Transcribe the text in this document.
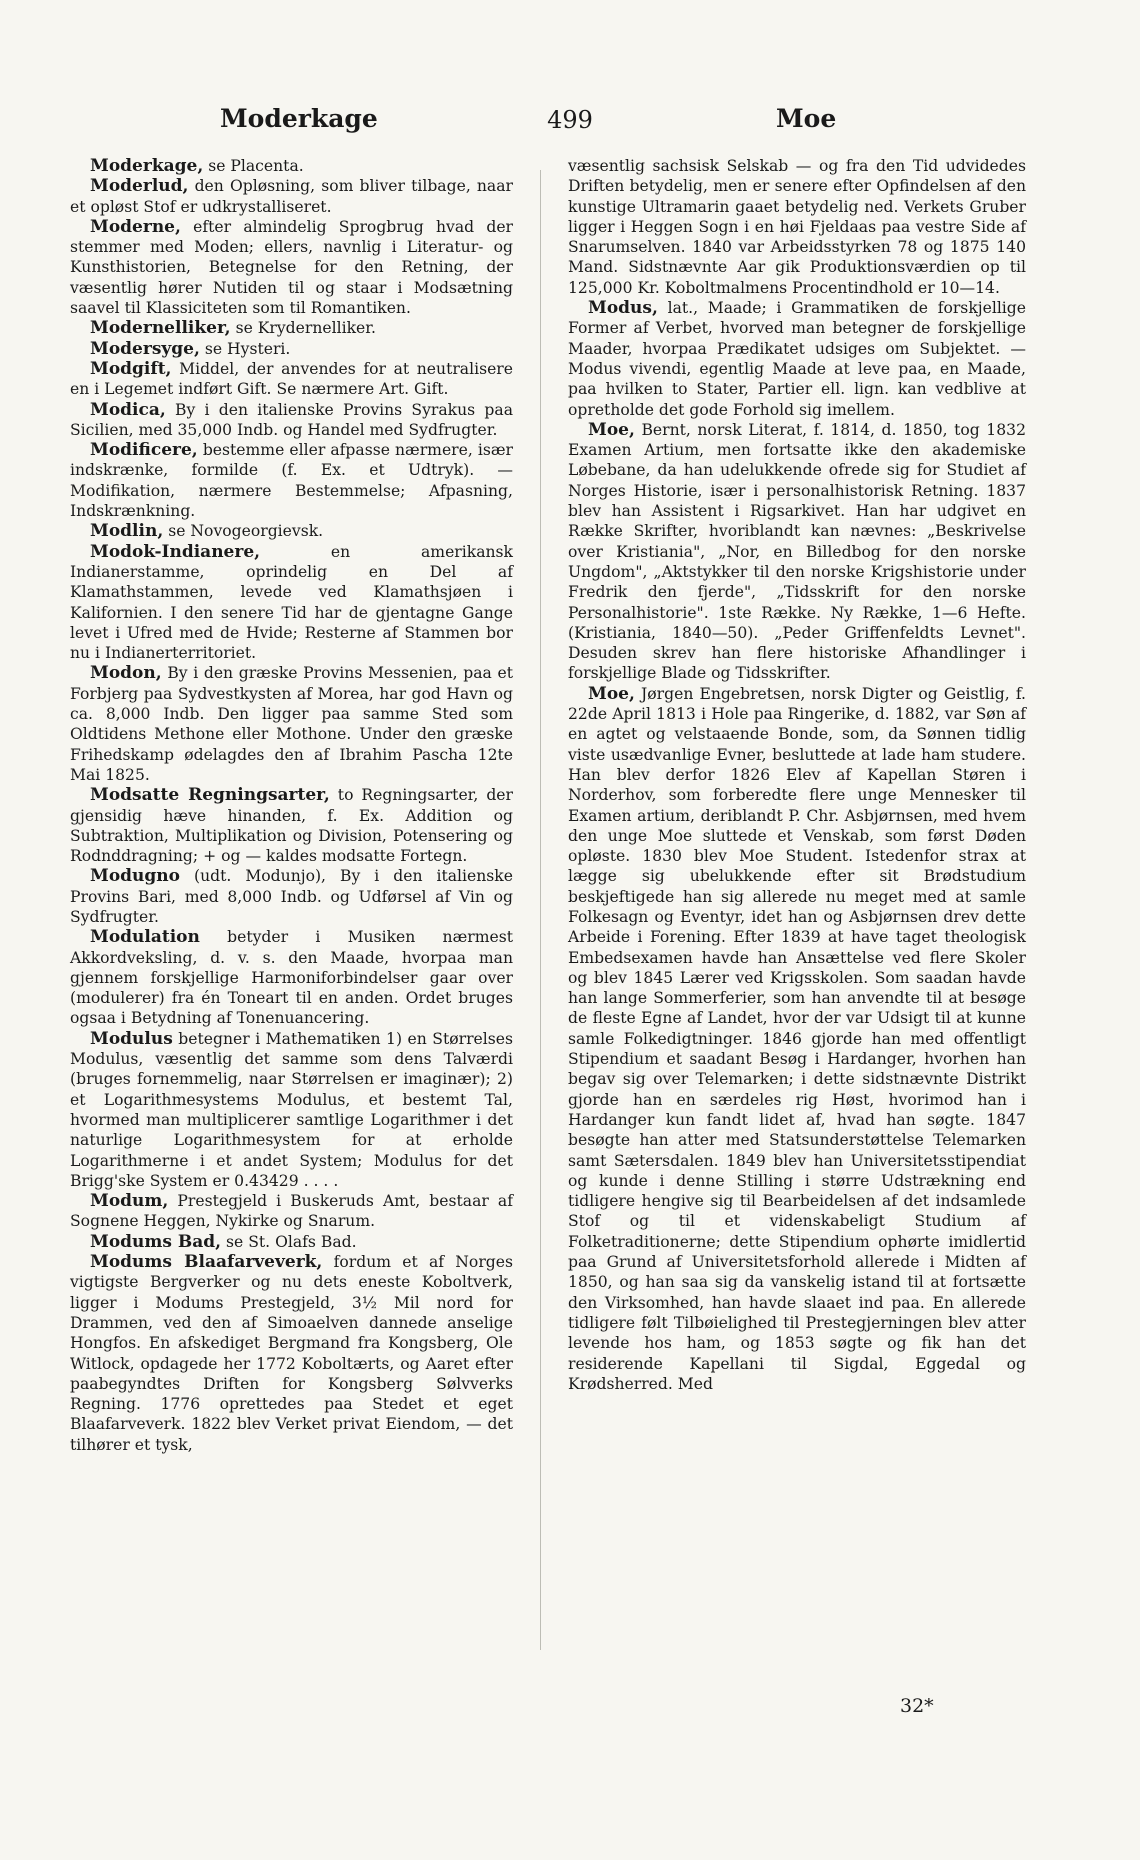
Moderkage	499	Moe

Moderkage, se Placenta.

Moderlud, den Opløsning, som bliver tilbage, naar et opløst Stof er udkrystalliseret.

Moderne, efter almindelig Sprogbrug hvad der stemmer med Moden; ellers, navnlig i Literatur- og Kunsthistorien, Betegnelse for den Retning, der væsentlig hører Nutiden til og staar i Modsætning saavel til Klassiciteten som til Romantiken.

Modernelliker, se Krydernelliker.

Modersyge, se Hysteri.

Modgift, Middel, der anvendes for at neutralisere en i Legemet indført Gift. Se nærmere Art. Gift.

Modica, By i den italienske Provins Syrakus paa Sicilien, med 35,000 Indb. og Handel med Sydfrugter.

Modificere, bestemme eller afpasse nærmere, især indskrænke, formilde (f. Ex. et Udtryk). — Modifikation, nærmere Bestemmelse; Afpasning, Indskrænkning.

Modlin, se Novogeorgievsk.

Modok-Indianere,	en amerikansk Indianerstamme, oprindelig en Del af Klamathstammen, levede ved Klamathsjøen i Kalifornien. I den senere Tid har de gjentagne Gange levet i Ufred med de Hvide; Resterne af Stammen bor nu i Indianerterritoriet.

Modon, By i den græske Provins Messenien, paa et Forbjerg paa Sydvestkysten af Morea, har god Havn og ca. 8,000 Indb. Den ligger paa samme Sted som Oldtidens Methone eller Mothone. Under den græske Frihedskamp ødelagdes den af Ibrahim Pascha 12te Mai 1825.

Modsatte Regningsarter, to Regningsarter, der gjensidig hæve hinanden, f. Ex. Addition og Subtraktion, Multiplikation og Division, Potensering og Rodnddragning; + og — kaldes modsatte Fortegn.

Modugno (udt. Modunjo), By i den italienske Provins Bari, med 8,000 Indb. og Udførsel af Vin og Sydfrugter.

Modulation betyder i Musiken nærmest Akkordveksling, d. v. s. den Maade, hvorpaa man gjennem forskjellige Harmoniforbindelser gaar over (modulerer) fra én Toneart til en anden. Ordet bruges ogsaa i Betydning af Tonenuancering.

Modulus betegner i Mathematiken 1) en Størrelses Modulus, væsentlig det samme som dens Talværdi (bruges fornemmelig, naar Størrelsen er imaginær); 2) et Logarithmesystems Modulus, et bestemt Tal, hvormed man multiplicerer samtlige Logarithmer i det naturlige Logarithmesystem for at erholde Logarithmerne i et andet System; Modulus for det Brigg'ske System er 0.43429 . . . .

Modum, Prestegjeld i Buskeruds Amt, bestaar af Sognene Heggen, Nykirke og Snarum.

Modums Bad, se St. Olafs Bad.

Modums Blaafarveverk, fordum et af Norges vigtigste Bergverker og nu dets eneste Koboltverk, ligger i Modums Prestegjeld, 3½ Mil nord for Drammen, ved den af Simoaelven dannede anselige Hongfos. En afskediget Bergmand fra Kongsberg, Ole Witlock, opdagede her 1772 Koboltærts, og Aaret efter paabegyndtes Driften for Kongsberg Sølvverks Regning. 1776 oprettedes paa Stedet et eget Blaafarveverk. 1822 blev Verket privat Eiendom, — det tilhører et tysk,

væsentlig sachsisk Selskab — og fra den Tid udvidedes Driften betydelig, men er senere efter Opfindelsen af den kunstige Ultramarin gaaet betydelig ned. Verkets Gruber ligger i Heggen Sogn i en høi Fjeldaas paa vestre Side af Snarumselven. 1840 var Arbeidsstyrken 78 og 1875 140 Mand. Sidstnævnte Aar gik Produktionsværdien op til 125,000 Kr. Koboltmalmens Procentindhold er 10—14.

Modus, lat., Maade; i Grammatiken de forskjellige Former af Verbet, hvorved man betegner de forskjellige Maader, hvorpaa Prædikatet udsiges om Subjektet. — Modus vivendi, egentlig Maade at leve paa, en Maade, paa hvilken to Stater, Partier ell. lign. kan vedblive at opretholde det gode Forhold sig imellem.

Moe, Bernt, norsk Literat, f. 1814, d. 1850, tog 1832 Examen Artium, men fortsatte ikke den akademiske Løbebane, da han udelukkende ofrede sig for Studiet af Norges Historie, især i personalhistorisk Retning. 1837 blev han Assistent i Rigsarkivet. Han har udgivet en Række Skrifter, hvoriblandt kan nævnes: „Beskrivelse over Kristiania", „Nor, en Billedbog for den norske Ungdom", „Aktstykker til den norske Krigshistorie under Fredrik den fjerde", „Tidsskrift for den norske Personalhistorie". 1ste Række. Ny Række, 1—6 Hefte. (Kristiania, 1840—50). „Peder Griffenfeldts Levnet". Desuden skrev han flere historiske Afhandlinger i forskjellige Blade og Tidsskrifter.

Moe, Jørgen Engebretsen, norsk Digter og Geistlig, f. 22de April 1813 i Hole paa Ringerike, d. 1882, var Søn af en agtet og velstaaende Bonde, som, da Sønnen tidlig viste usædvanlige Evner, besluttede at lade ham studere. Han blev derfor 1826 Elev af Kapellan Støren i Norderhov, som forberedte flere unge Mennesker til Examen artium, deriblandt P. Chr. Asbjørnsen, med hvem den unge Moe sluttede et Venskab, som først Døden opløste. 1830 blev Moe Student. Istedenfor strax at lægge sig ubelukkende efter sit Brødstudium beskjeftigede han sig allerede nu meget med at samle Folkesagn og Eventyr, idet han og Asbjørnsen drev dette Arbeide i Forening. Efter 1839 at have taget theologisk Embedsexamen havde han Ansættelse ved flere Skoler og blev 1845 Lærer ved Krigsskolen. Som saadan havde han lange Sommerferier, som han anvendte til at besøge de fleste Egne af Landet, hvor der var Udsigt til at kunne samle Folkedigtninger. 1846 gjorde han med offentligt Stipendium et saadant Besøg i Hardanger, hvorhen han begav sig over Telemarken; i dette sidstnævnte Distrikt gjorde han en særdeles rig Høst, hvorimod han i Hardanger kun fandt lidet af, hvad han søgte. 1847 besøgte han atter med Statsunderstøttelse Telemarken samt Sætersdalen. 1849 blev han Universitetsstipendiat og kunde i denne Stilling i større Udstrækning end tidligere hengive sig til Bearbeidelsen af det indsamlede Stof og til et videnskabeligt Studium af Folketraditionerne; dette Stipendium ophørte imidlertid paa Grund af Universitetsforhold allerede i Midten af 1850, og han saa sig da vanskelig istand til at fortsætte den Virksomhed, han havde slaaet ind paa. En allerede tidligere følt Tilbøielighed til Prestegjerningen blev atter levende hos ham, og 1853 søgte og fik han det residerende Kapellani til Sigdal, Eggedal og Krødsherred. Med

32*
